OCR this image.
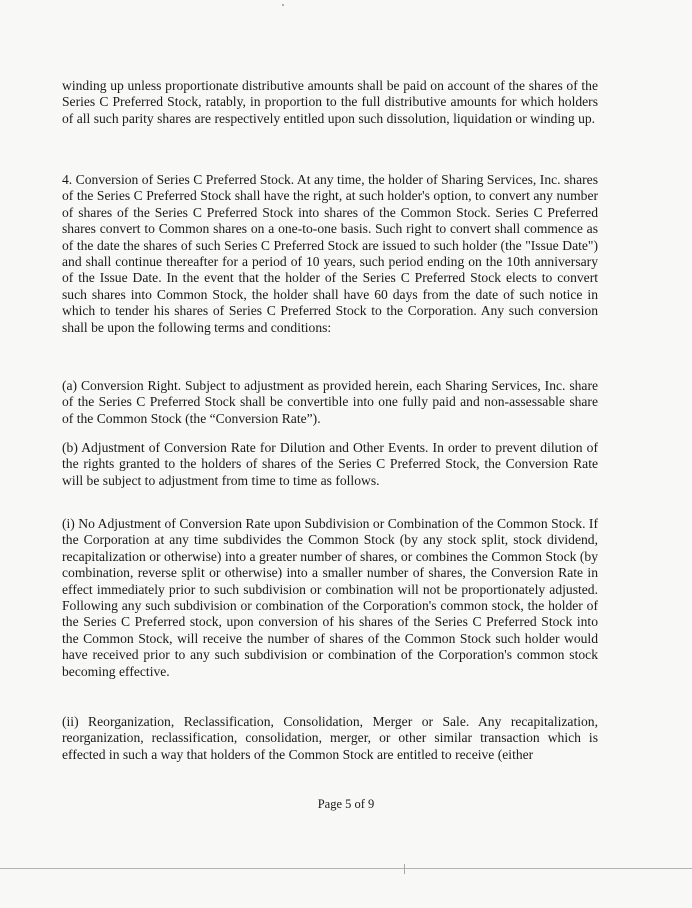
winding up unless proportionate distributive amounts shall be paid on account of the shares of the Series C Preferred Stock, ratably, in proportion to the full distributive amounts for which holders of all such parity shares are respectively entitled upon such dissolution, liquidation or winding up.

4. Conversion of Series C Preferred Stock. At any time, the holder of Sharing Services, Inc. shares of the Series C Preferred Stock shall have the right, at such holder's option, to convert any number of shares of the Series C Preferred Stock into shares of the Common Stock. Series C Preferred shares convert to Common shares on a one-to-one basis. Such right to convert shall commence as of the date the shares of such Series C Preferred Stock are issued to such holder (the "Issue Date") and shall continue thereafter for a period of 10 years, such period ending on the 10th anniversary of the Issue Date. In the event that the holder of the Series C Preferred Stock elects to convert such shares into Common Stock, the holder shall have 60 days from the date of such notice in which to tender his shares of Series C Preferred Stock to the Corporation. Any such conversion shall be upon the following terms and conditions:

(a) Conversion Right. Subject to adjustment as provided herein, each Sharing Services, Inc. share of the Series C Preferred Stock shall be convertible into one fully paid and non-assessable share of the Common Stock (the “Conversion Rate”).

(b) Adjustment of Conversion Rate for Dilution and Other Events. In order to prevent dilution of the rights granted to the holders of shares of the Series C Preferred Stock, the Conversion Rate will be subject to adjustment from time to time as follows.

(i) No Adjustment of Conversion Rate upon Subdivision or Combination of the Common Stock. If the Corporation at any time subdivides the Common Stock (by any stock split, stock dividend, recapitalization or otherwise) into a greater number of shares, or combines the Common Stock (by combination, reverse split or otherwise) into a smaller number of shares, the Conversion Rate in effect immediately prior to such subdivision or combination will not be proportionately adjusted. Following any such subdivision or combination of the Corporation's common stock, the holder of the Series C Preferred stock, upon conversion of his shares of the Series C Preferred Stock into the Common Stock, will receive the number of shares of the Common Stock such holder would have received prior to any such subdivision or combination of the Corporation's common stock becoming effective.

(ii) Reorganization, Reclassification, Consolidation, Merger or Sale. Any recapitalization, reorganization, reclassification, consolidation, merger, or other similar transaction which is effected in such a way that holders of the Common Stock are entitled to receive (either

Page 5 of 9
